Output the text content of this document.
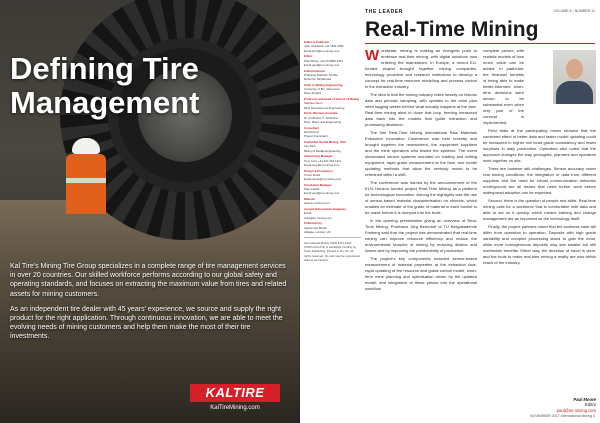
Defining Tire
Management

Kal Tire's Mining Tire Group specializes in a complete range of tire management services in over 20 countries. Our skilled workforce performs according to our global safety and operating standards, and focuses on extracting the maximum value from tires and related assets for mining customers.

As an independent tire dealer with 45 years' experience, we source and supply the right product for the right application. Through continuous innovation, we are able to meet the evolving needs of mining customers and help them make the most of their tire investments.

KALTIRE
KalTireMining.com
Editor & Publisher
John Chadwick +44 1621 3452
Email john@im-mining.com
Editor
Paul Moore +44 20 8686 3451
Email paul@im-mining.com
Editorial Board
Professor Malcolm Scoble
Robert E. McNamara
Chair in Mining Engineering,
University of BC, Vancouver
Peter Knights
Professor and Head of School of Mining
Stephen Dunn
Mine Development Engineering
Perth, Western Australia
Dr. Kimberley S. Schlecher
Dept. Mines and Engineering
Consultant
Ed McCord
Project Consultant
Caterpillar Global Mining, USA
Lee Saul
Mining & Metals Engineering
Advertising Manager
Tony Lazo +44 207 434 1311
Email tony@im-mining.com
Design & Production
Trevor Dodd
Email trevor@im-mining.com
Circulation Manager
Paul Gaskill
Email paul@im-mining.com
Website
www.im-mining.com
Annual Subscription Enquiries
Email
subs@im-mining.com
Published by
Aspermont Media
Aldgate, London, UK
International Mining ISSN 1474-1423 (USPS 023-279) is published monthly by Team Publishing. Printed in the UK. All rights reserved. No part may be reproduced without permission.

THE LEADER	VOLUME 8 ▪ NUMBER 11

Real-Time Mining

Worldwide, mining is making an energetic push to embrace real-time mining, with digital solutions now entering the mainstream. In Europe, a recent EU-funded project brought together mining companies, technology providers and research institutions to develop a concept for real-time resource modelling and process control in the extractive industry.

The idea is that the mining industry relies heavily on historic data and periodic sampling, with updates to the mine plan often lagging weeks behind what actually happens at the face. Real-time mining aims to close that loop, feeding measured data back into the models that guide extraction and processing decisions.

The first Real-Time Mining International Raw Materials Extraction Innovation Conference was held recently and brought together the researchers, the equipment suppliers and the mine operators who tested the systems. The event showcased sensor systems mounted on loading and cutting equipment, rapid grade measurement at the face, and model updating methods that allow the orebody model to be refreshed within a shift.

The conference was framed by the announcement of the EU's Horizon funded project Real-Time Mining as a platform for technological innovation. Among the highlights was the use of sensor-based material characterisation on shovels, which enables an estimate of the grade of material in each bucket to be made before it is dumped into the truck.

In the opening presentation giving an overview of Real-Time Mining, Professor Jörg Benndorf of TU Bergakademie Freiberg said that the project has demonstrated that real-time mining can improve resource efficiency and reduce the environmental footprint of mining by reducing dilution and losses and by improving the predictability of production.

The project's key components included sensor-based measurement of material properties at the extraction face, rapid updating of the resource and grade control model, short-term mine planning and optimisation driven by the updated model, and integration of these pieces into the operational workflow.

complete picture, with realistic models of how much value can be added. In particular, the financial benefits of being able to make better-informed short-term decisions were shown to be substantial even when only part of the concept is implemented.

Field trials at the participating mines showed that the combined effect of better data and faster model updating could be measured in higher mill head grade consistency and fewer surprises in daily production. Operators also noted that the approach changes the way geologists, planners and operators work together on site.

There are however still challenges. Sensor accuracy under real mining conditions, the integration of data from different suppliers and the need for robust communication networks underground are all issues that need further work before widespread adoption can be expected.

Second, there is the question of people and skills. Real-time mining calls for a workforce that is comfortable with data and able to act on it quickly, which means training and change management are as important as the technology itself.

Finally, the project partners noted that the business case will differ from operation to operation. Deposits with high grade variability and complex processing stand to gain the most, while more homogeneous deposits may see smaller but still worthwhile benefits. Either way, the direction of travel is clear, and the tools to make real-time mining a reality are now within reach of the industry.

Paul Moore
Editor
paul@im-mining.com
NOVEMBER 2017 International Mining 3
